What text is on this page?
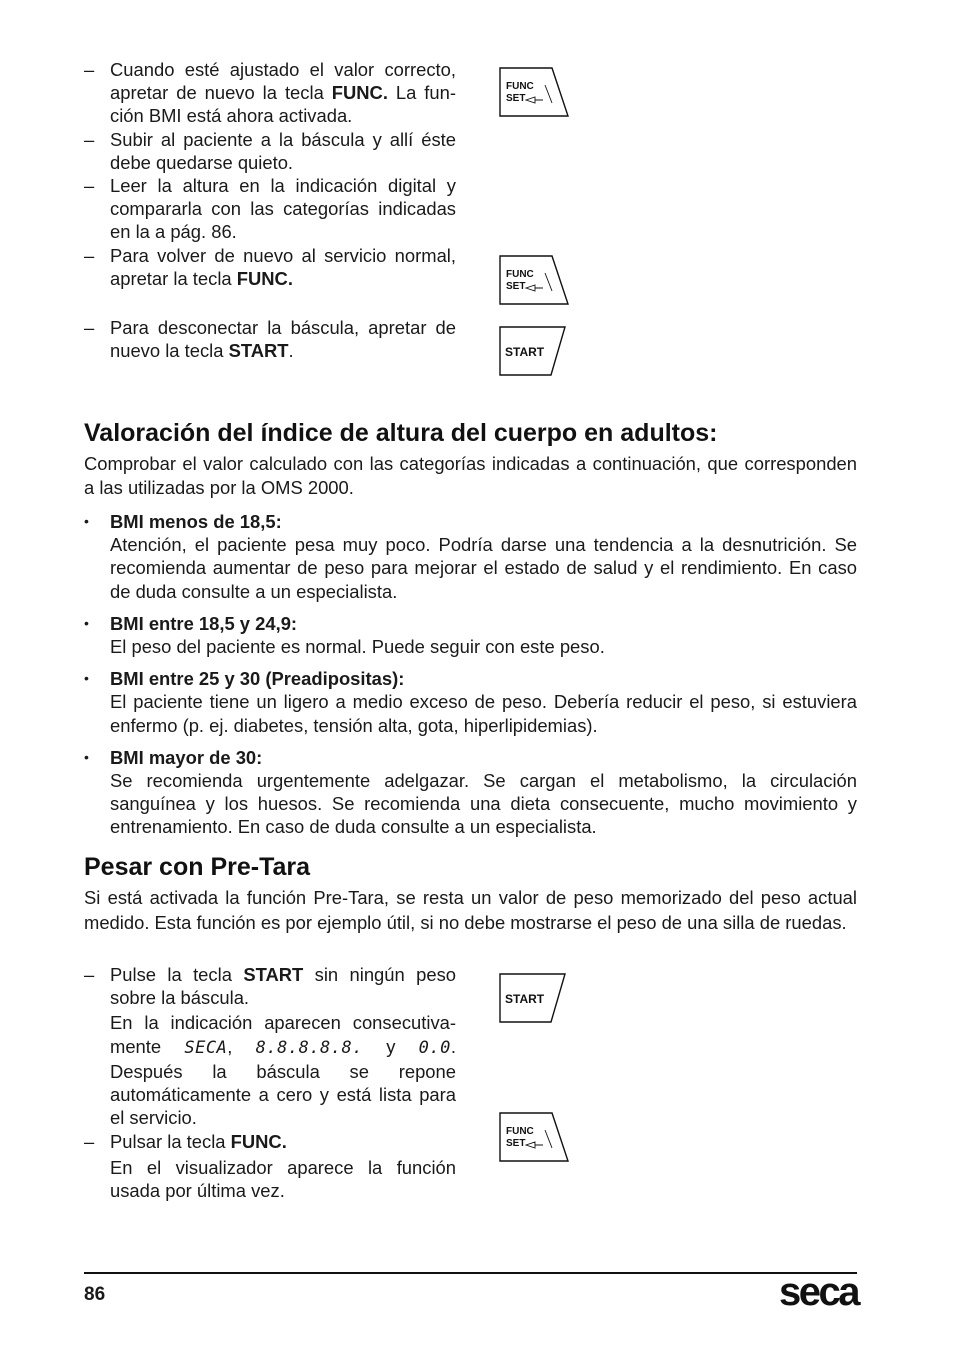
– Cuando esté ajustado el valor correcto, apretar de nuevo la tecla FUNC. La función BMI está ahora activada.

– Subir al paciente a la báscula y allí éste debe quedarse quieto.

– Leer la altura en la indicación digital y compararla con las categorías indicadas en la a pág. 86.

– Para volver de nuevo al servicio normal, apretar la tecla FUNC.

– Para desconectar la báscula, apretar de nuevo la tecla START.

FUNC
SET
FUNC
SET
START
Valoración del índice de altura del cuerpo en adultos:
Comprobar el valor calculado con las categorías indicadas a continuación, que corresponden a las utilizadas por la OMS 2000.
• BMI menos de 18,5:
Atención, el paciente pesa muy poco. Podría darse una tendencia a la desnutrición. Se recomienda aumentar de peso para mejorar el estado de salud y el rendimiento. En caso de duda consulte a un especialista.
• BMI entre 18,5 y 24,9:
El peso del paciente es normal. Puede seguir con este peso.
• BMI entre 25 y 30 (Preadipositas):
El paciente tiene un ligero a medio exceso de peso. Debería reducir el peso, si estuviera enfermo (p. ej. diabetes, tensión alta, gota, hiperlipidemias).
• BMI mayor de 30:
Se recomienda urgentemente adelgazar. Se cargan el metabolismo, la circulación sanguínea y los huesos. Se recomienda una dieta consecuente, mucho movimiento y entrenamiento. En caso de duda consulte a un especialista.
Pesar con Pre-Tara
Si está activada la función Pre-Tara, se resta un valor de peso memorizado del peso actual medido. Esta función es por ejemplo útil, si no debe mostrarse el peso de una silla de ruedas.
– Pulse la tecla START sin ningún peso sobre la báscula.

En la indicación aparecen consecutivamente SECA, 8.8.8.8.8. y 0.0. Después la báscula se repone automáticamente a cero y está lista para el servicio.

– Pulsar la tecla FUNC.

En el visualizador aparece la función usada por última vez.

START
FUNC
SET
86	seca
